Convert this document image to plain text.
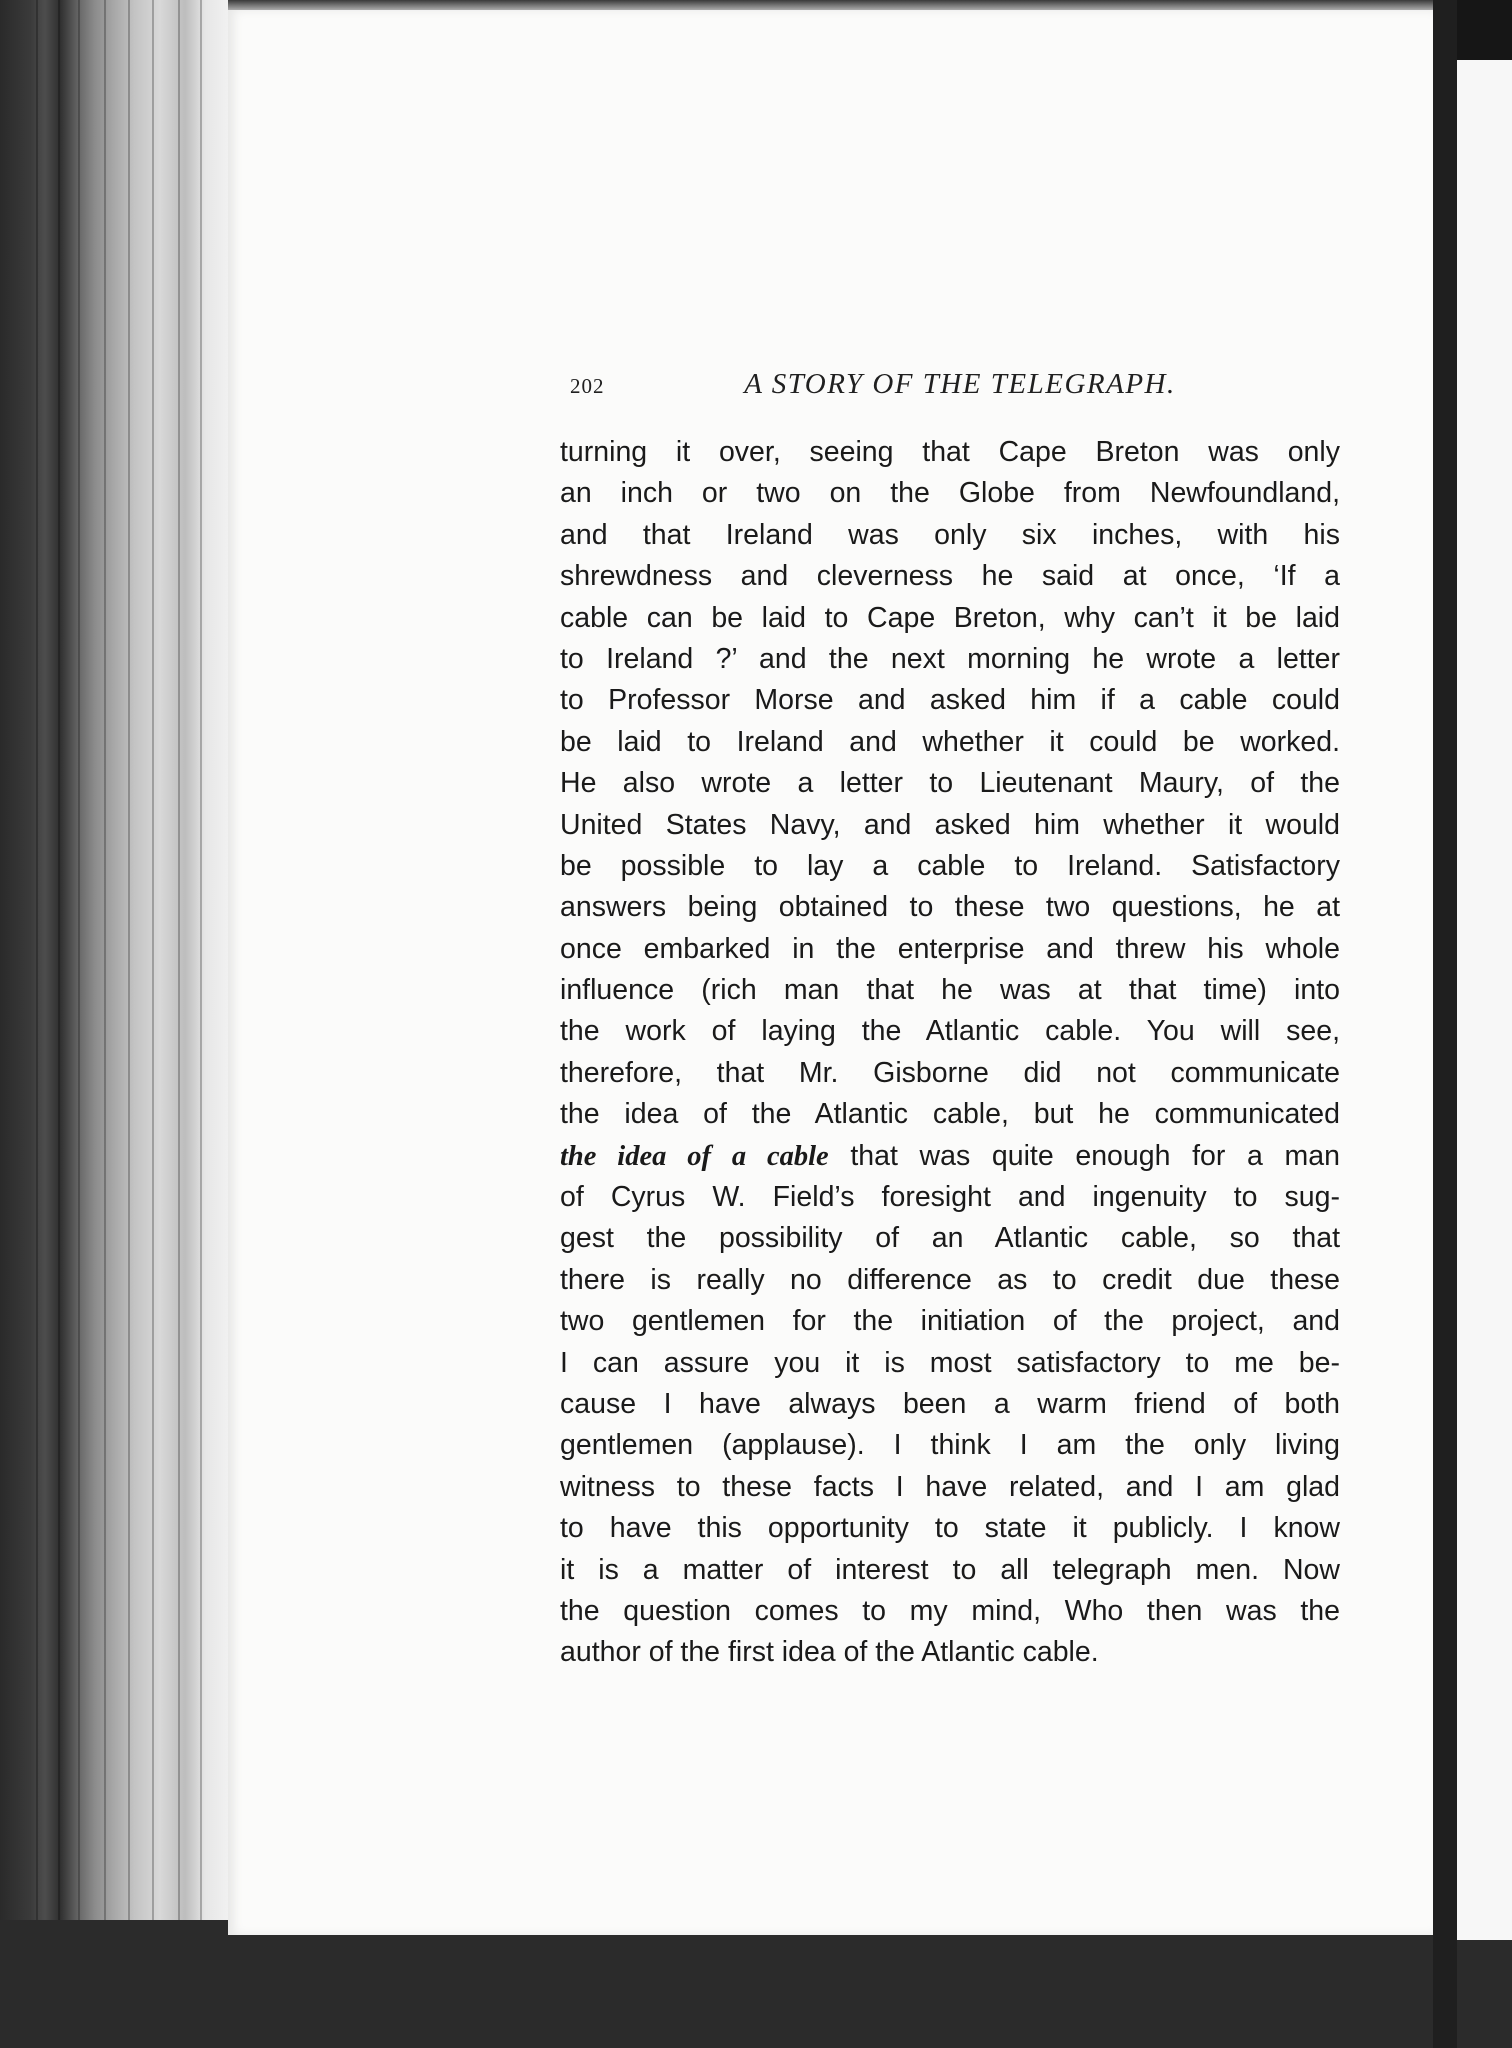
202	A STORY OF THE TELEGRAPH.
turning it over, seeing that Cape Breton was only
an inch or two on the Globe from Newfoundland,
and that Ireland was only six inches, with his
shrewdness and cleverness he said at once, ‘If a
cable can be laid to Cape Breton, why can’t it be laid
to Ireland ?’ and the next morning he wrote a letter
to Professor Morse and asked him if a cable could
be laid to Ireland and whether it could be worked.
He also wrote a letter to Lieutenant Maury, of the
United States Navy, and asked him whether it would
be possible to lay a cable to Ireland. Satisfactory
answers being obtained to these two questions, he at
once embarked in the enterprise and threw his whole
influence (rich man that he was at that time) into
the work of laying the Atlantic cable. You will see,
therefore, that Mr. Gisborne did not communicate
the idea of the Atlantic cable, but he communicated
the idea of a cable that was quite enough for a man
of Cyrus W. Field’s foresight and ingenuity to sug-
gest the possibility of an Atlantic cable, so that
there is really no difference as to credit due these
two gentlemen for the initiation of the project, and
I can assure you it is most satisfactory to me be-
cause I have always been a warm friend of both
gentlemen (applause). I think I am the only living
witness to these facts I have related, and I am glad
to have this opportunity to state it publicly. I know
it is a matter of interest to all telegraph men. Now
the question comes to my mind, Who then was the
author of the first idea of the Atlantic cable.
